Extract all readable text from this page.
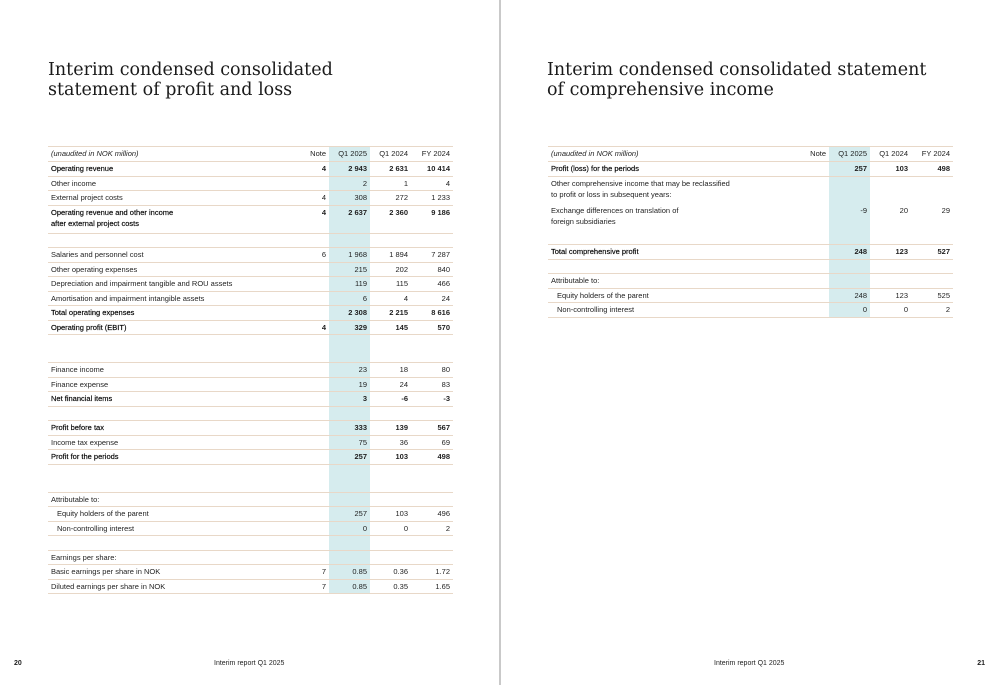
Interim condensed consolidated
statement of profit and loss
(unaudited in NOK million)	Note	Q1 2025	Q1 2024	FY 2024
Operating revenue	4	2 943	2 631	10 414
Other income		2	1	4
External project costs	4	308	272	1 233
Operating revenue and other income
after external project costs	4	2 637	2 360	9 186

Salaries and personnel cost	6	1 968	1 894	7 287
Other operating expenses		215	202	840
Depreciation and impairment tangible and ROU assets		119	115	466
Amortisation and impairment intangible assets		6	4	24
Total operating expenses		2 308	2 215	8 616
Operating profit (EBIT)	4	329	145	570

Finance income		23	18	80
Finance expense		19	24	83
Net financial items		3	-6	-3

Profit before tax		333	139	567
Income tax expense		75	36	69
Profit for the periods		257	103	498

Attributable to:				
Equity holders of the parent		257	103	496
Non-controlling interest		0	0	2

Earnings per share:				
Basic earnings per share in NOK	7	0.85	0.36	1.72
Diluted earnings per share in NOK	7	0.85	0.35	1.65
20	Interim report Q1 2025
Interim condensed consolidated statement
of comprehensive income
(unaudited in NOK million)	Note	Q1 2025	Q1 2024	FY 2024
Profit (loss) for the periods		257	103	498
Other comprehensive income that may be reclassified
to profit or loss in subsequent years:				
Exchange differences on translation of
foreign subsidiaries		-9	20	29

Total comprehensive profit		248	123	527

Attributable to:				
Equity holders of the parent		248	123	525
Non-controlling interest		0	0	2
Interim report Q1 2025	21
